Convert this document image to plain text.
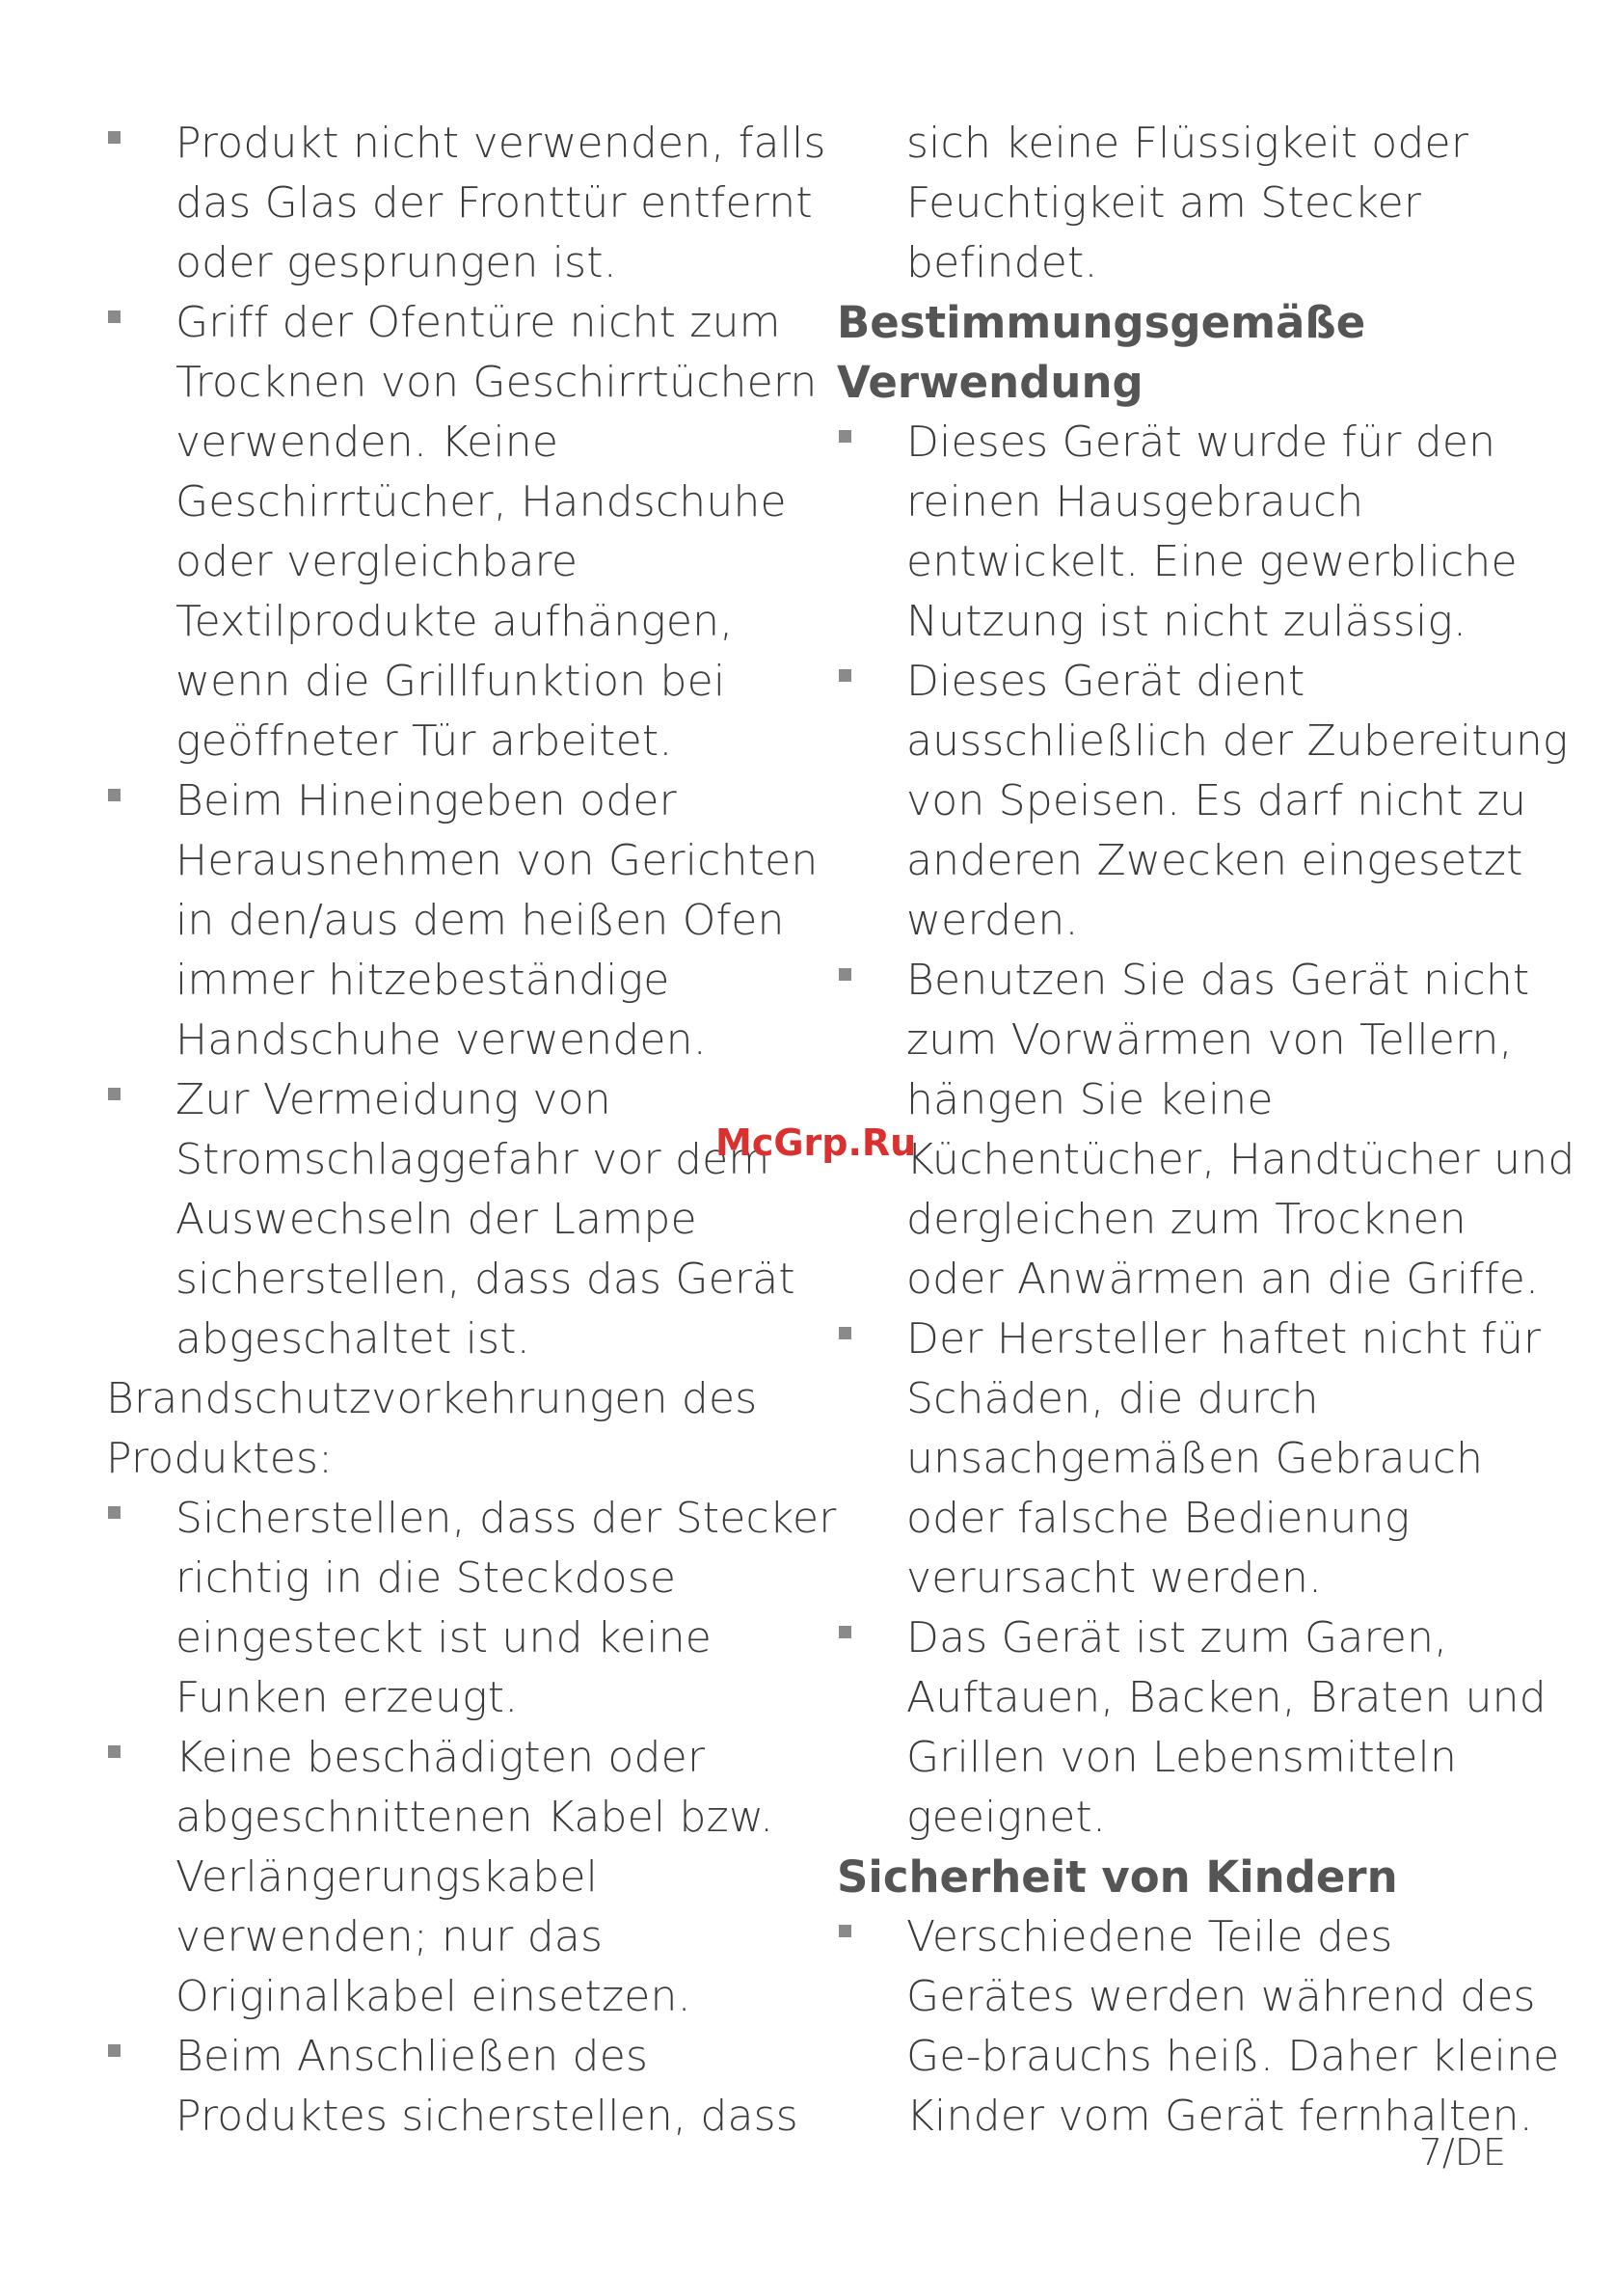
Produkt nicht verwenden, falls
das Glas der Fronttür entfernt
oder gesprungen ist.
Griff der Ofentüre nicht zum
Trocknen von Geschirrtüchern
verwenden. Keine
Geschirrtücher, Handschuhe
oder vergleichbare
Textilprodukte aufhängen,
wenn die Grillfunktion bei
geöffneter Tür arbeitet.
Beim Hineingeben oder
Herausnehmen von Gerichten
in den/aus dem heißen Ofen
immer hitzebeständige
Handschuhe verwenden.
Zur Vermeidung von
Stromschlaggefahr vor dem
Auswechseln der Lampe
sicherstellen, dass das Gerät
abgeschaltet ist.
Brandschutzvorkehrungen des
Produktes:
Sicherstellen, dass der Stecker
richtig in die Steckdose
eingesteckt ist und keine
Funken erzeugt.
Keine beschädigten oder
abgeschnittenen Kabel bzw.
Verlängerungskabel
verwenden; nur das
Originalkabel einsetzen.
Beim Anschließen des
Produktes sicherstellen, dass
sich keine Flüssigkeit oder
Feuchtigkeit am Stecker
befindet.
Bestimmungsgemäße
Verwendung
Dieses Gerät wurde für den
reinen Hausgebrauch
entwickelt. Eine gewerbliche
Nutzung ist nicht zulässig.
Dieses Gerät dient
ausschließlich der Zubereitung
von Speisen. Es darf nicht zu
anderen Zwecken eingesetzt
werden.
Benutzen Sie das Gerät nicht
zum Vorwärmen von Tellern,
hängen Sie keine
Küchentücher, Handtücher und
dergleichen zum Trocknen
oder Anwärmen an die Griffe.
Der Hersteller haftet nicht für
Schäden, die durch
unsachgemäßen Gebrauch
oder falsche Bedienung
verursacht werden.
Das Gerät ist zum Garen,
Auftauen, Backen, Braten und
Grillen von Lebensmitteln
geeignet.
Sicherheit von Kindern
Verschiedene Teile des
Gerätes werden während des
Ge-brauchs heiß. Daher kleine
Kinder vom Gerät fernhalten.
McGrp.Ru
7/DE
